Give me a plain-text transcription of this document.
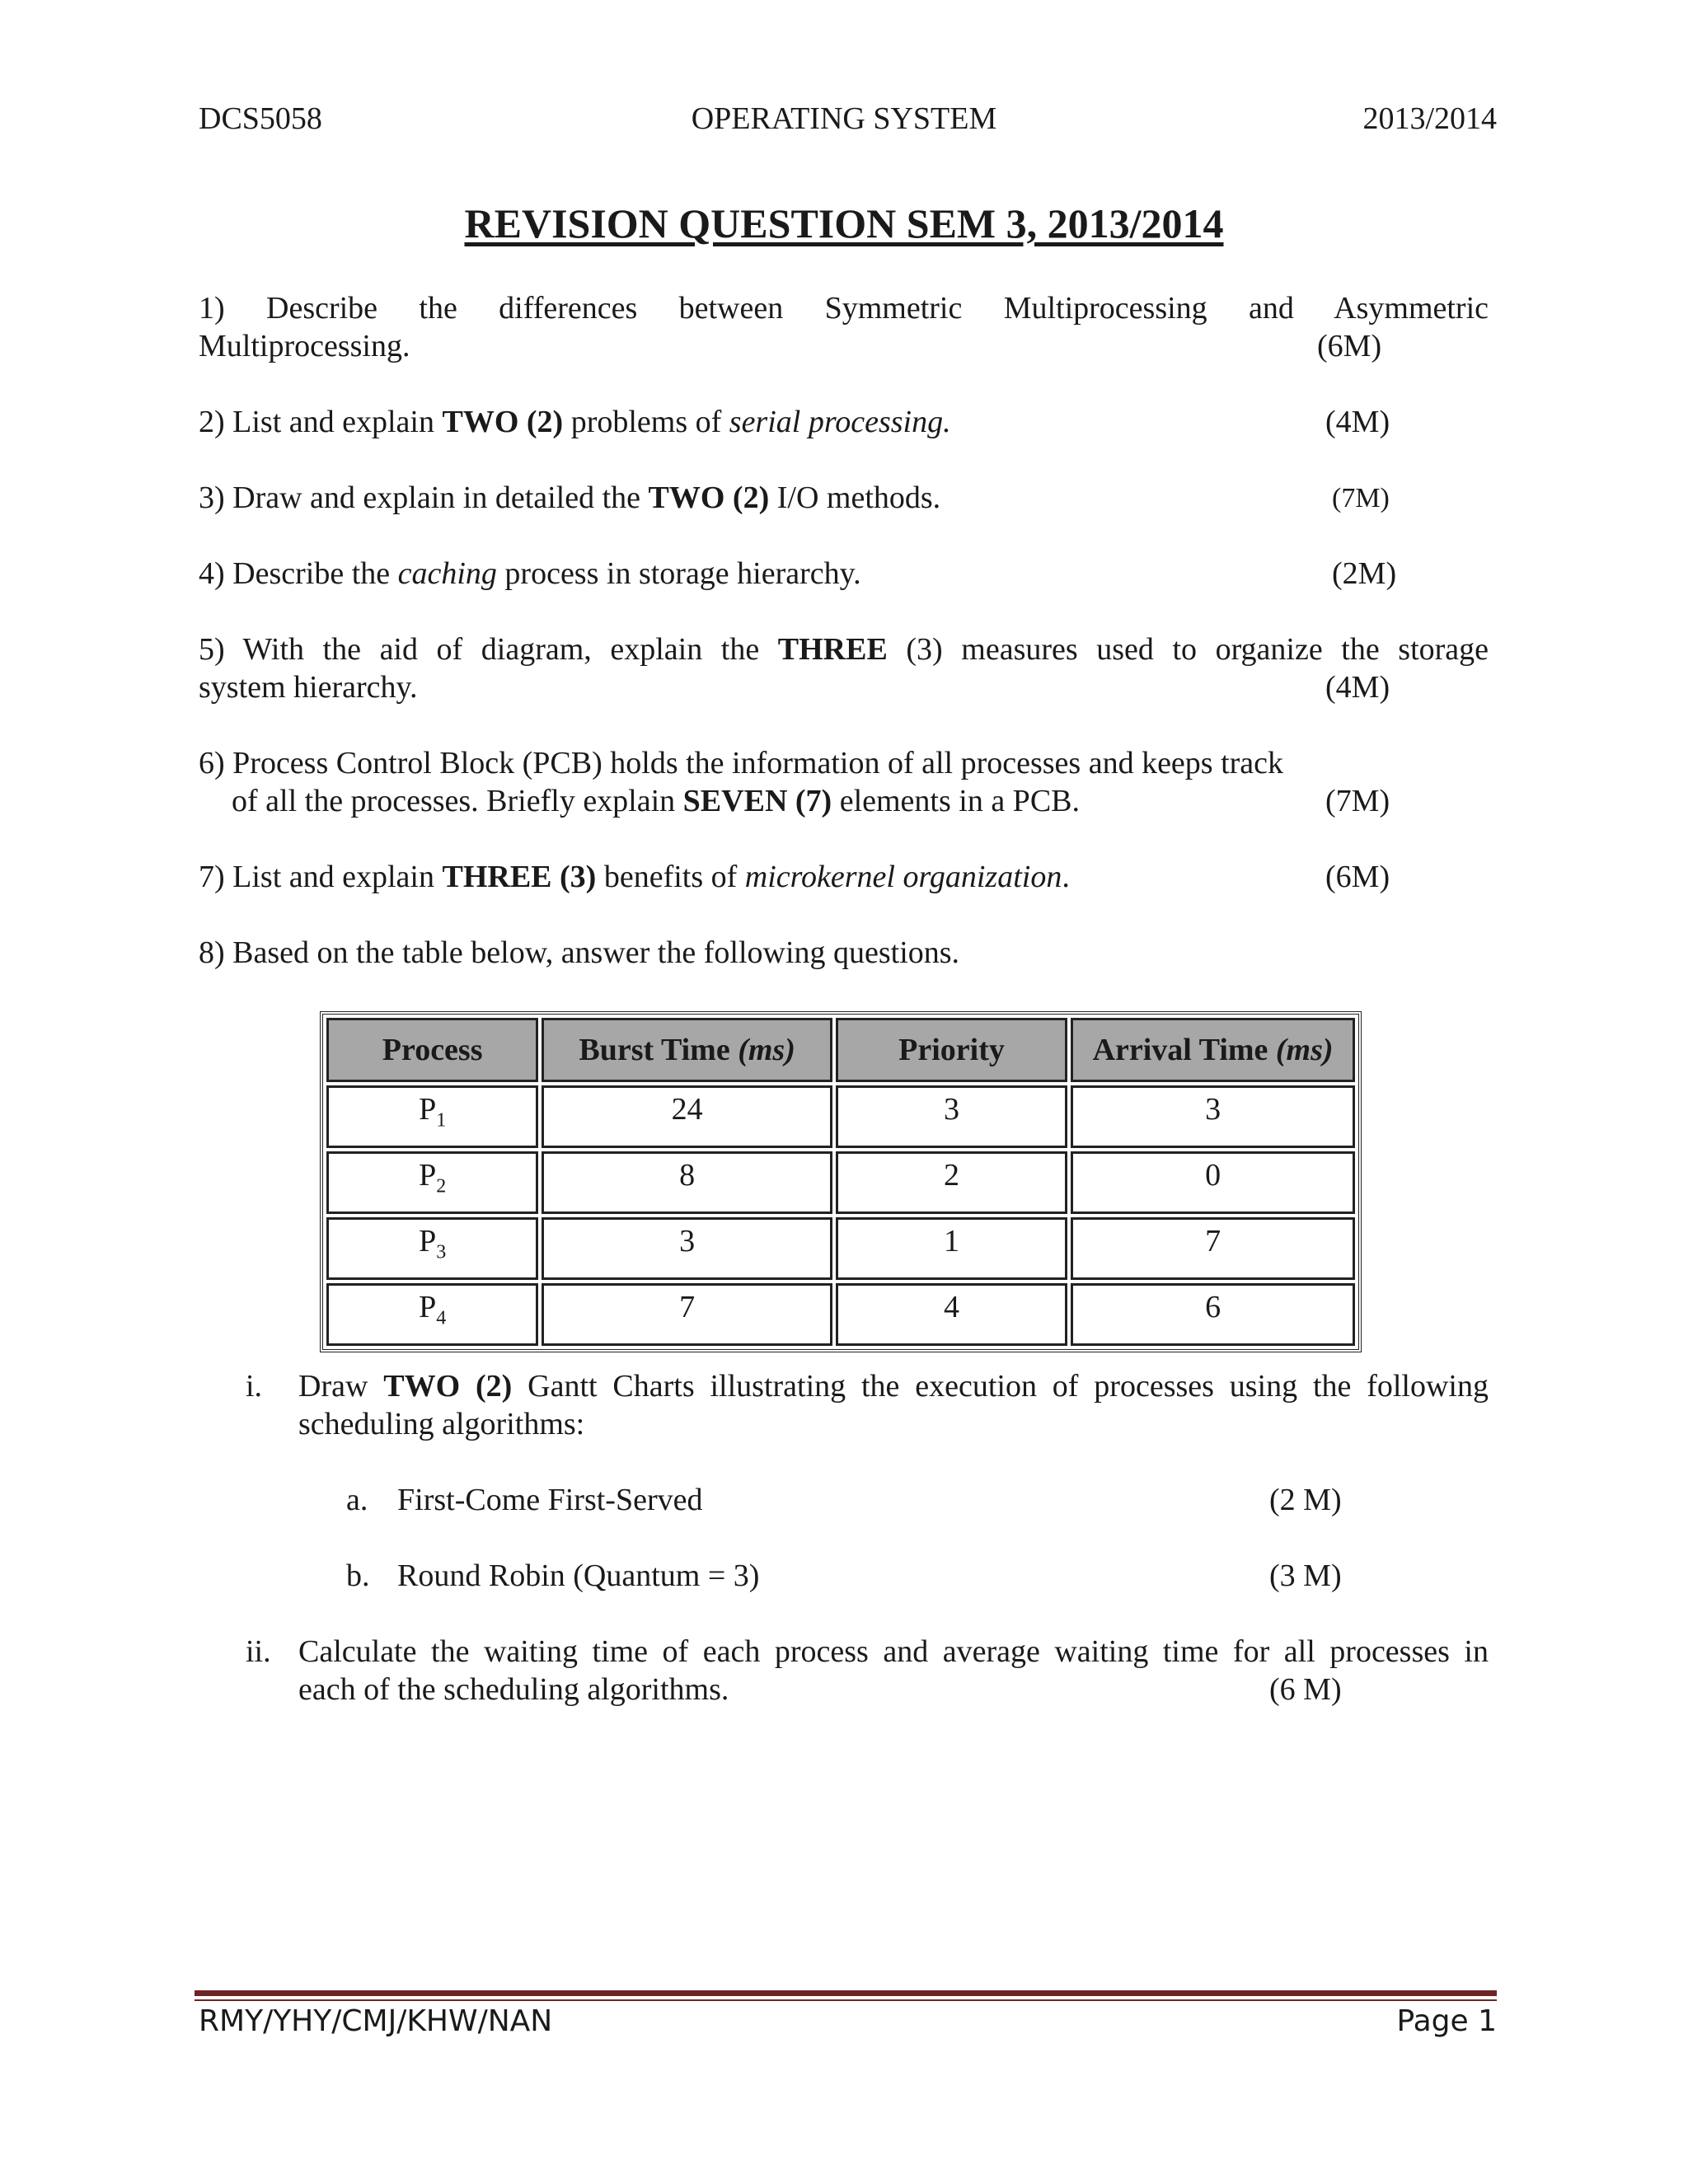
DCS5058	OPERATING SYSTEM	2013/2014
REVISION QUESTION SEM 3, 2013/2014
1) Describe the differences between Symmetric Multiprocessing and Asymmetric
Multiprocessing.	(6M)
2) List and explain TWO (2) problems of serial processing.	(4M)
3) Draw and explain in detailed the TWO (2) I/O methods.	(7M)
4) Describe the caching process in storage hierarchy.	(2M)
5) With the aid of diagram, explain the THREE (3) measures used to organize the storage
system hierarchy.	(4M)
6) Process Control Block (PCB) holds the information of all processes and keeps track
of all the processes. Briefly explain SEVEN (7) elements in a PCB.	(7M)
7) List and explain THREE (3) benefits of microkernel organization.	(6M)
8) Based on the table below, answer the following questions.
Process	Burst Time (ms)	Priority	Arrival Time (ms)
$P_1$	24	3	3
$P_2$	8	2	0
$P_3$	3	1	7
$P_4$	7	4	6
i. Draw TWO (2) Gantt Charts illustrating the execution of processes using the following
scheduling algorithms:
a. First-Come First-Served	(2 M)
b. Round Robin (Quantum = 3)	(3 M)
ii. Calculate the waiting time of each process and average waiting time for all processes in
each of the scheduling algorithms.	(6 M)
RMY/YHY/CMJ/KHW/NAN	Page 1
